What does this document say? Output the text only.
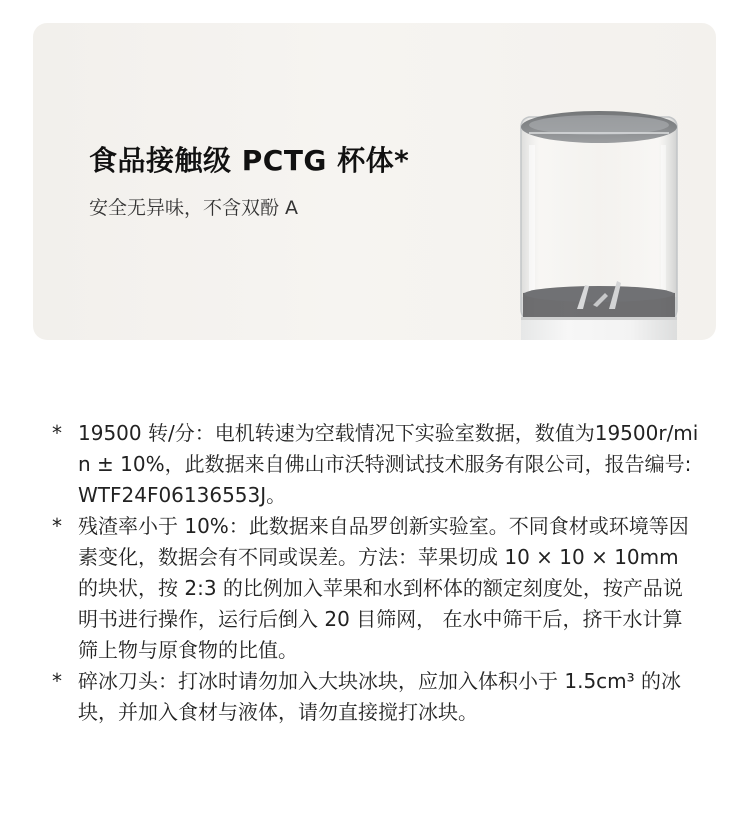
食品接触级 PCTG 杯体*
安全无异味，不含双酚 A
* 19500 转/分：电机转速为空载情况下实验室数据，数值为19500r/min ± 10%，此数据来自佛山市沃特测试技术服务有限公司，报告编号: WTF24F06136553J。
* 残渣率小于 10%：此数据来自品罗创新实验室。不同食材或环境等因素变化，数据会有不同或误差。方法：苹果切成 10 × 10 × 10mm 的块状，按 2:3 的比例加入苹果和水到杯体的额定刻度处，按产品说明书进行操作，运行后倒入 20 目筛网， 在水中筛干后，挤干水计算筛上物与原食物的比值。
* 碎冰刀头：打冰时请勿加入大块冰块，应加入体积小于 1.5cm³ 的冰块，并加入食材与液体，请勿直接搅打冰块。
